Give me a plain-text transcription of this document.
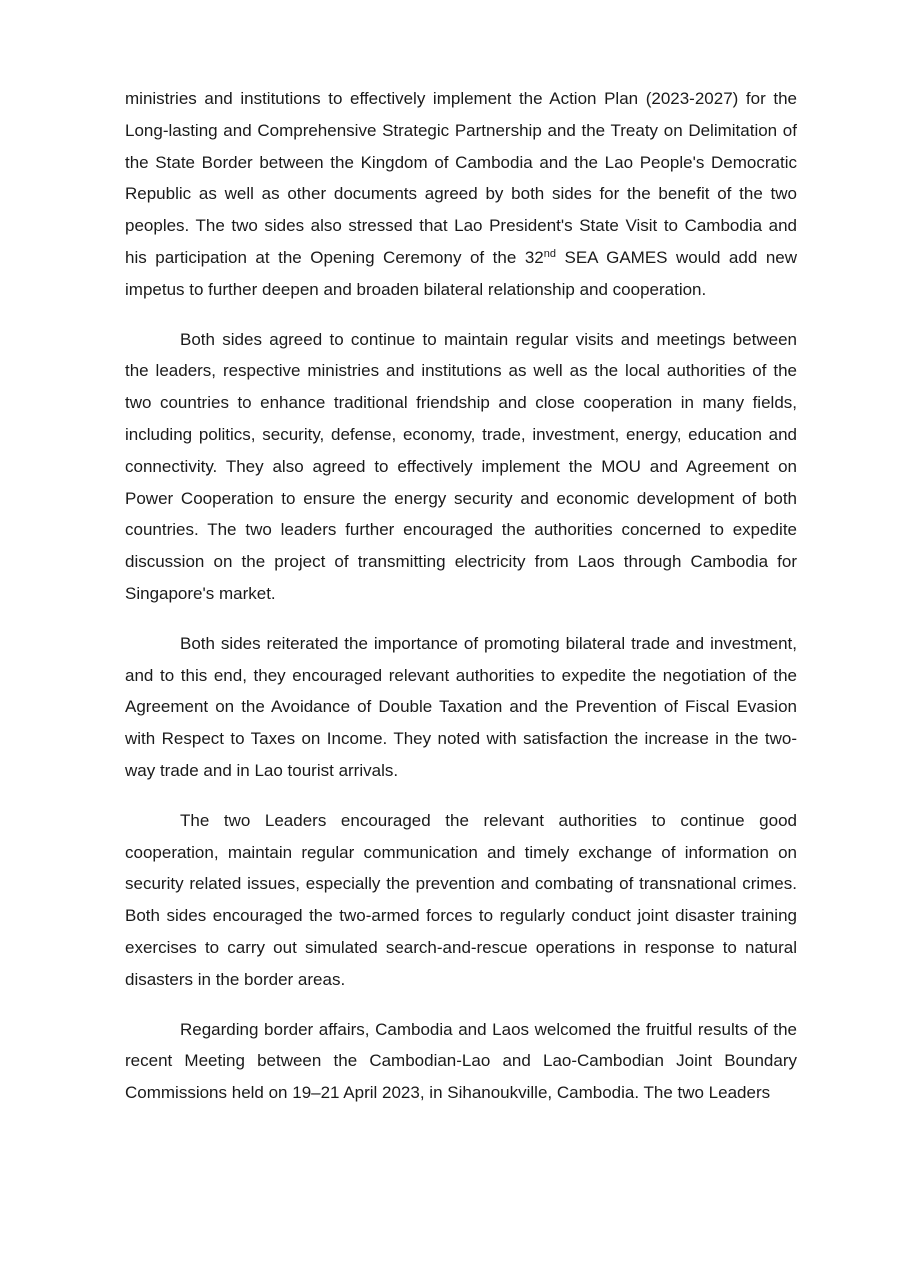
ministries and institutions to effectively implement the Action Plan (2023-2027) for the Long-lasting and Comprehensive Strategic Partnership and the Treaty on Delimitation of the State Border between the Kingdom of Cambodia and the Lao People's Democratic Republic as well as other documents agreed by both sides for the benefit of the two peoples. The two sides also stressed that Lao President's State Visit to Cambodia and his participation at the Opening Ceremony of the 32nd SEA GAMES would add new impetus to further deepen and broaden bilateral relationship and cooperation.

Both sides agreed to continue to maintain regular visits and meetings between the leaders, respective ministries and institutions as well as the local authorities of the two countries to enhance traditional friendship and close cooperation in many fields, including politics, security, defense, economy, trade, investment, energy, education and connectivity. They also agreed to effectively implement the MOU and Agreement on Power Cooperation to ensure the energy security and economic development of both countries. The two leaders further encouraged the authorities concerned to expedite discussion on the project of transmitting electricity from Laos through Cambodia for Singapore's market.

Both sides reiterated the importance of promoting bilateral trade and investment, and to this end, they encouraged relevant authorities to expedite the negotiation of the Agreement on the Avoidance of Double Taxation and the Prevention of Fiscal Evasion with Respect to Taxes on Income. They noted with satisfaction the increase in the two-way trade and in Lao tourist arrivals.

The two Leaders encouraged the relevant authorities to continue good cooperation, maintain regular communication and timely exchange of information on security related issues, especially the prevention and combating of transnational crimes. Both sides encouraged the two-armed forces to regularly conduct joint disaster training exercises to carry out simulated search-and-rescue operations in response to natural disasters in the border areas.

Regarding border affairs, Cambodia and Laos welcomed the fruitful results of the recent Meeting between the Cambodian-Lao and Lao-Cambodian Joint Boundary Commissions held on 19–21 April 2023, in Sihanoukville, Cambodia. The two Leaders
